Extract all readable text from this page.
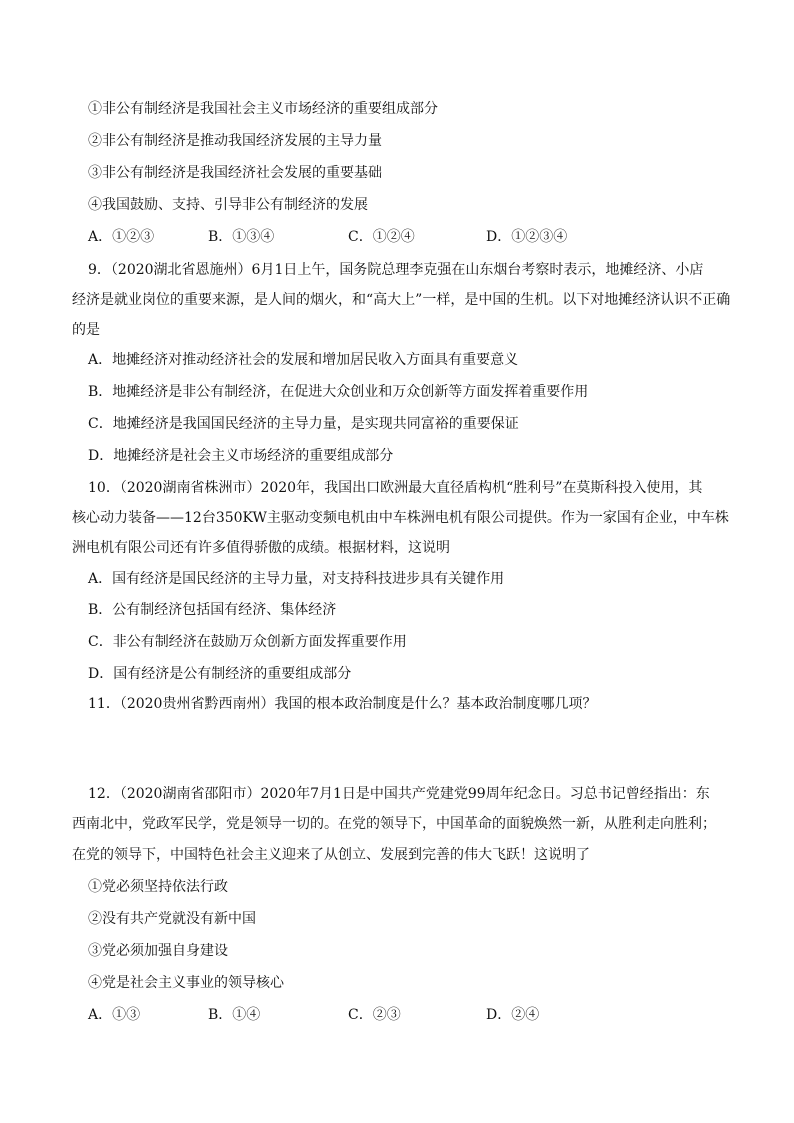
①非公有制经济是我国社会主义市场经济的重要组成部分
②非公有制经济是推动我国经济发展的主导力量
③非公有制经济是我国经济社会发展的重要基础
④我国鼓励、支持、引导非公有制经济的发展
A．①②③	B．①③④	C．①②④	D．①②③④
9．（2020湖北省恩施州）6月1日上午，国务院总理李克强在山东烟台考察时表示，地摊经济、小店
经济是就业岗位的重要来源，是人间的烟火，和“高大上”一样，是中国的生机。以下对地摊经济认识不正确
的是
A．地摊经济对推动经济社会的发展和增加居民收入方面具有重要意义
B．地摊经济是非公有制经济，在促进大众创业和万众创新等方面发挥着重要作用
C．地摊经济是我国国民经济的主导力量，是实现共同富裕的重要保证
D．地摊经济是社会主义市场经济的重要组成部分
10．（2020湖南省株洲市）2020年，我国出口欧洲最大直径盾构机“胜利号”在莫斯科投入使用，其
核心动力装备——12台350KW主驱动变频电机由中车株洲电机有限公司提供。作为一家国有企业，中车株
洲电机有限公司还有许多值得骄傲的成绩。根据材料，这说明
A．国有经济是国民经济的主导力量，对支持科技进步具有关键作用
B．公有制经济包括国有经济、集体经济
C．非公有制经济在鼓励万众创新方面发挥重要作用
D．国有经济是公有制经济的重要组成部分
11．（2020贵州省黔西南州）我国的根本政治制度是什么？基本政治制度哪几项？
12．（2020湖南省邵阳市）2020年7月1日是中国共产党建党99周年纪念日。习总书记曾经指出：东
西南北中，党政军民学，党是领导一切的。在党的领导下，中国革命的面貌焕然一新，从胜利走向胜利；
在党的领导下，中国特色社会主义迎来了从创立、发展到完善的伟大飞跃！这说明了
①党必须坚持依法行政
②没有共产党就没有新中国
③党必须加强自身建设
④党是社会主义事业的领导核心
A．①③	B．①④	C．②③	D．②④
